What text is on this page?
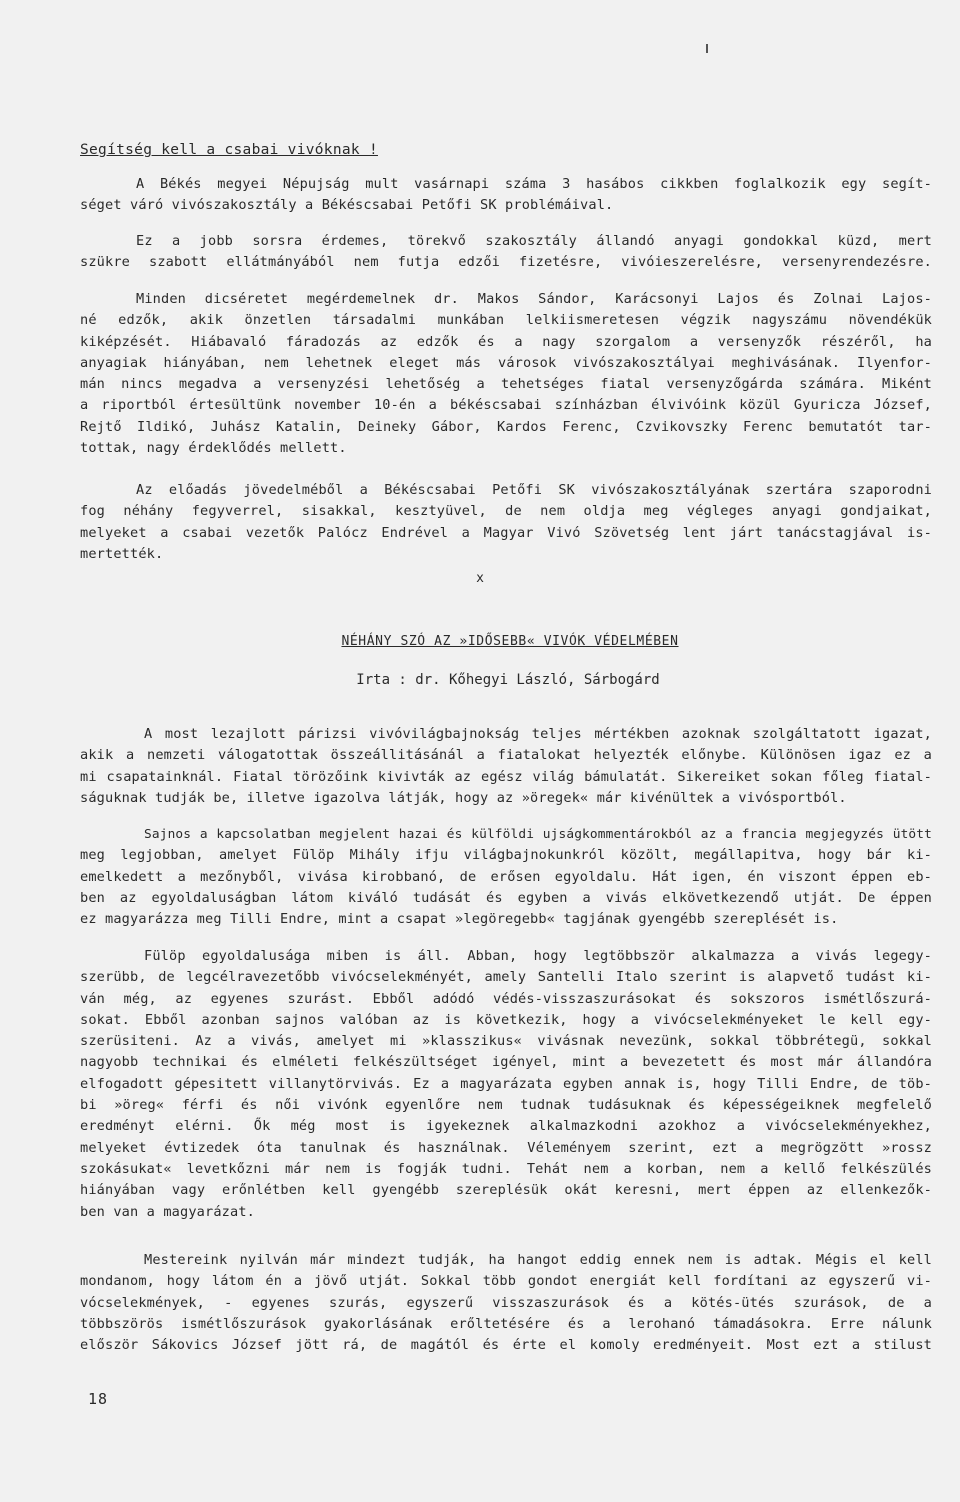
Segítség kell a csabai vivóknak !
A Békés megyei Népujság mult vasárnapi száma 3 hasábos cikkben foglalkozik egy segít-
séget váró vivószakosztály a Békéscsabai Petőfi SK problémáival.
Ez a jobb sorsra érdemes, törekvő szakosztály állandó anyagi gondokkal küzd, mert
szükre szabott ellátmányából nem futja edzői fizetésre, vivóieszerelésre, versenyrendezésre.
Minden dicséretet megérdemelnek dr. Makos Sándor, Karácsonyi Lajos és Zolnai Lajos-
né edzők, akik önzetlen társadalmi munkában lelkiismeretesen végzik nagyszámu növendékük
kiképzését. Hiábavaló fáradozás az edzők és a nagy szorgalom a versenyzők részéről, ha
anyagiak hiányában, nem lehetnek eleget más városok vivószakosztályai meghivásának. Ilyenfor-
mán nincs megadva a versenyzési lehetőség a tehetséges fiatal versenyzőgárda számára. Miként
a riportból értesültünk november 10-én a békéscsabai színházban élvivóink közül Gyuricza József,
Rejtő Ildikó, Juhász Katalin, Deineky Gábor, Kardos Ferenc, Czvikovszky Ferenc bemutatót tar-
tottak, nagy érdeklődés mellett.
Az előadás jövedelméből a Békéscsabai Petőfi SK vivószakosztályának szertára szaporodni
fog néhány fegyverrel, sisakkal, kesztyüvel, de nem oldja meg végleges anyagi gondjaikat,
melyeket a csabai vezetők Palócz Endrével a Magyar Vivó Szövetség lent járt tanácstagjával is-
mertették.
x
NÉHÁNY SZÓ AZ »IDŐSEBB« VIVÓK VÉDELMÉBEN
Irta : dr. Kőhegyi László, Sárbogárd
A most lezajlott párizsi vivóvilágbajnokság teljes mértékben azoknak szolgáltatott igazat,
akik a nemzeti válogatottak összeállitásánál a fiatalokat helyezték előnybe. Különösen igaz ez a
mi csapatainknál. Fiatal törözőink kivivták az egész világ bámulatát. Sikereiket sokan főleg fiatal-
ságuknak tudják be, illetve igazolva látják, hogy az »öregek« már kivénültek a vivósportból.
Sajnos a kapcsolatban megjelent hazai és külföldi ujságkommentárokból az a francia megjegyzés ütött
meg legjobban, amelyet Fülöp Mihály ifju világbajnokunkról közölt, megállapitva, hogy bár ki-
emelkedett a mezőnyből, vivása kirobbanó, de erősen egyoldalu. Hát igen, én viszont éppen eb-
ben az egyoldaluságban látom kiváló tudását és egyben a vivás elkövetkezendő utját. De éppen
ez magyarázza meg Tilli Endre, mint a csapat »legöregebb« tagjának gyengébb szereplését is.
Fülöp egyoldalusága miben is áll. Abban, hogy legtöbbször alkalmazza a vivás legegy-
szerübb, de legcélravezetőbb vivócselekményét, amely Santelli Italo szerint is alapvető tudást ki-
ván még, az egyenes szurást. Ebből adódó védés-visszaszurásokat és sokszoros ismétlőszurá-
sokat. Ebből azonban sajnos valóban az is következik, hogy a vivócselekményeket le kell egy-
szerüsiteni. Az a vivás, amelyet mi »klasszikus« vivásnak nevezünk, sokkal többrétegü, sokkal
nagyobb technikai és elméleti felkészültséget igényel, mint a bevezetett és most már állandóra
elfogadott gépesitett villanytörvivás. Ez a magyarázata egyben annak is, hogy Tilli Endre, de töb-
bi »öreg« férfi és női vivónk egyenlőre nem tudnak tudásuknak és képességeiknek megfelelő
eredményt elérni. Ők még most is igyekeznek alkalmazkodni azokhoz a vivócselekményekhez,
melyeket évtizedek óta tanulnak és használnak. Véleményem szerint, ezt a megrögzött »rossz
szokásukat« levetkőzni már nem is fogják tudni. Tehát nem a korban, nem a kellő felkészülés
hiányában vagy erőnlétben kell gyengébb szereplésük okát keresni, mert éppen az ellenkezők-
ben van a magyarázat.
Mestereink nyilván már mindezt tudják, ha hangot eddig ennek nem is adtak. Mégis el kell
mondanom, hogy látom én a jövő utját. Sokkal több gondot energiát kell fordítani az egyszerű vi-
vócselekmények, - egyenes szurás, egyszerű visszaszurások és a kötés-ütés szurások, de a
többszörös ismétlőszurások gyakorlásának erőltetésére és a lerohanó támadásokra. Erre nálunk
először Sákovics József jött rá, de magától és érte el komoly eredményeit. Most ezt a stilust
18
